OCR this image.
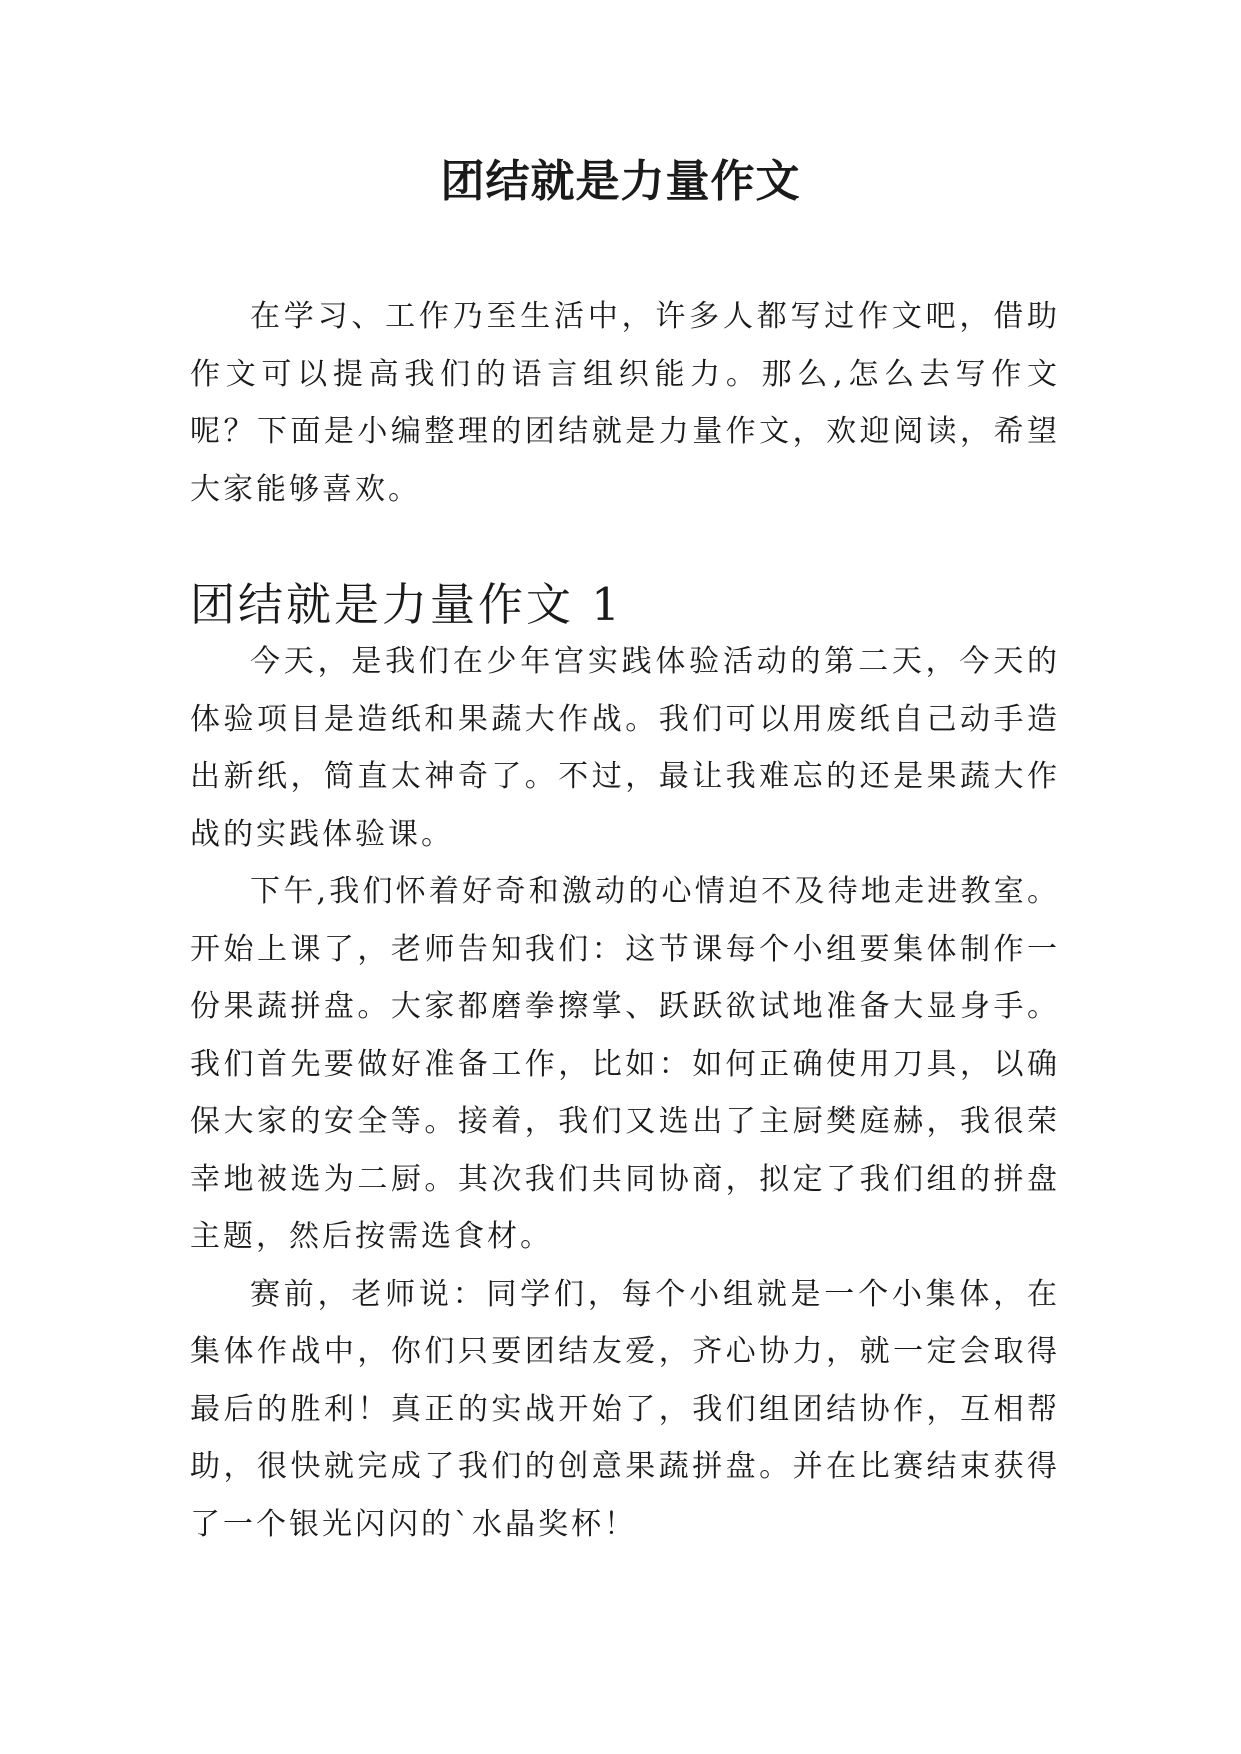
团结就是力量作文

在学习、工作乃至生活中，许多人都写过作文吧，借助作文可以提高我们的语言组织能力。那么,怎么去写作文呢？下面是小编整理的团结就是力量作文，欢迎阅读，希望大家能够喜欢。

团结就是力量作文 1

今天，是我们在少年宫实践体验活动的第二天，今天的体验项目是造纸和果蔬大作战。我们可以用废纸自己动手造出新纸，简直太神奇了。不过，最让我难忘的还是果蔬大作战的实践体验课。

下午,我们怀着好奇和激动的心情迫不及待地走进教室。开始上课了，老师告知我们：这节课每个小组要集体制作一份果蔬拼盘。大家都磨拳擦掌、跃跃欲试地准备大显身手。我们首先要做好准备工作，比如：如何正确使用刀具，以确保大家的安全等。接着，我们又选出了主厨樊庭赫，我很荣幸地被选为二厨。其次我们共同协商，拟定了我们组的拼盘主题，然后按需选食材。

赛前，老师说：同学们，每个小组就是一个小集体，在集体作战中，你们只要团结友爱，齐心协力，就一定会取得最后的胜利！真正的实战开始了，我们组团结协作，互相帮助，很快就完成了我们的创意果蔬拼盘。并在比赛结束获得了一个银光闪闪的`水晶奖杯！
